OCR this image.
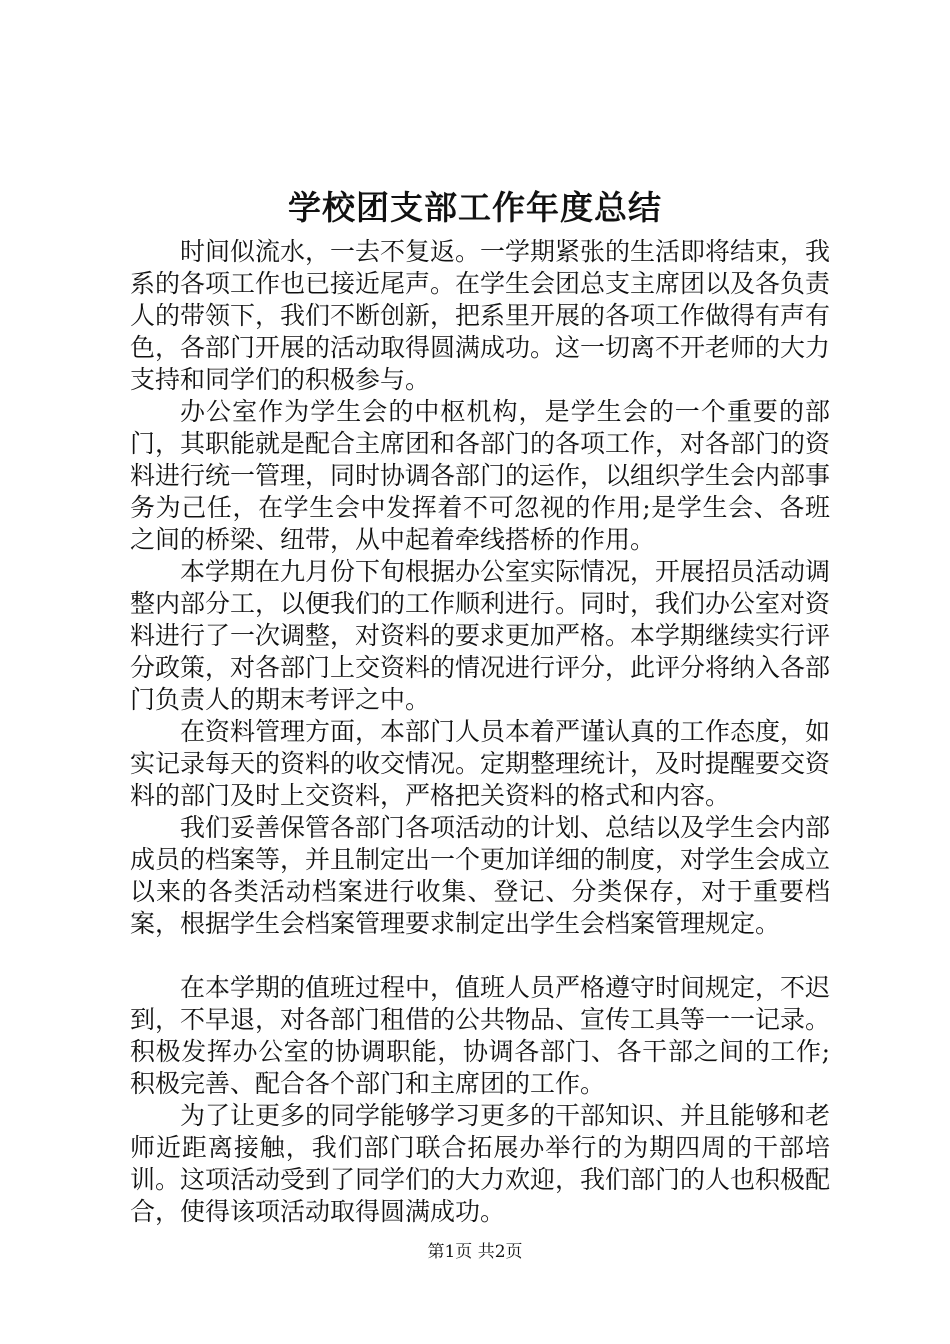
学校团支部工作年度总结

时间似流水，一去不复返。一学期紧张的生活即将结束，我系的各项工作也已接近尾声。在学生会团总支主席团以及各负责人的带领下，我们不断创新，把系里开展的各项工作做得有声有色，各部门开展的活动取得圆满成功。这一切离不开老师的大力支持和同学们的积极参与。

办公室作为学生会的中枢机构，是学生会的一个重要的部门，其职能就是配合主席团和各部门的各项工作，对各部门的资料进行统一管理，同时协调各部门的运作，以组织学生会内部事务为己任，在学生会中发挥着不可忽视的作用;是学生会、各班之间的桥梁、纽带，从中起着牵线搭桥的作用。

本学期在九月份下旬根据办公室实际情况，开展招员活动调整内部分工，以便我们的工作顺利进行。同时，我们办公室对资料进行了一次调整，对资料的要求更加严格。本学期继续实行评分政策，对各部门上交资料的情况进行评分，此评分将纳入各部门负责人的期末考评之中。

在资料管理方面，本部门人员本着严谨认真的工作态度，如实记录每天的资料的收交情况。定期整理统计，及时提醒要交资料的部门及时上交资料，严格把关资料的格式和内容。

我们妥善保管各部门各项活动的计划、总结以及学生会内部成员的档案等，并且制定出一个更加详细的制度，对学生会成立以来的各类活动档案进行收集、登记、分类保存，对于重要档案，根据学生会档案管理要求制定出学生会档案管理规定。

在本学期的值班过程中，值班人员严格遵守时间规定，不迟到，不早退，对各部门租借的公共物品、宣传工具等一一记录。积极发挥办公室的协调职能，协调各部门、各干部之间的工作;积极完善、配合各个部门和主席团的工作。

为了让更多的同学能够学习更多的干部知识、并且能够和老师近距离接触，我们部门联合拓展办举行的为期四周的干部培训。这项活动受到了同学们的大力欢迎，我们部门的人也积极配合，使得该项活动取得圆满成功。

第1页 共2页
